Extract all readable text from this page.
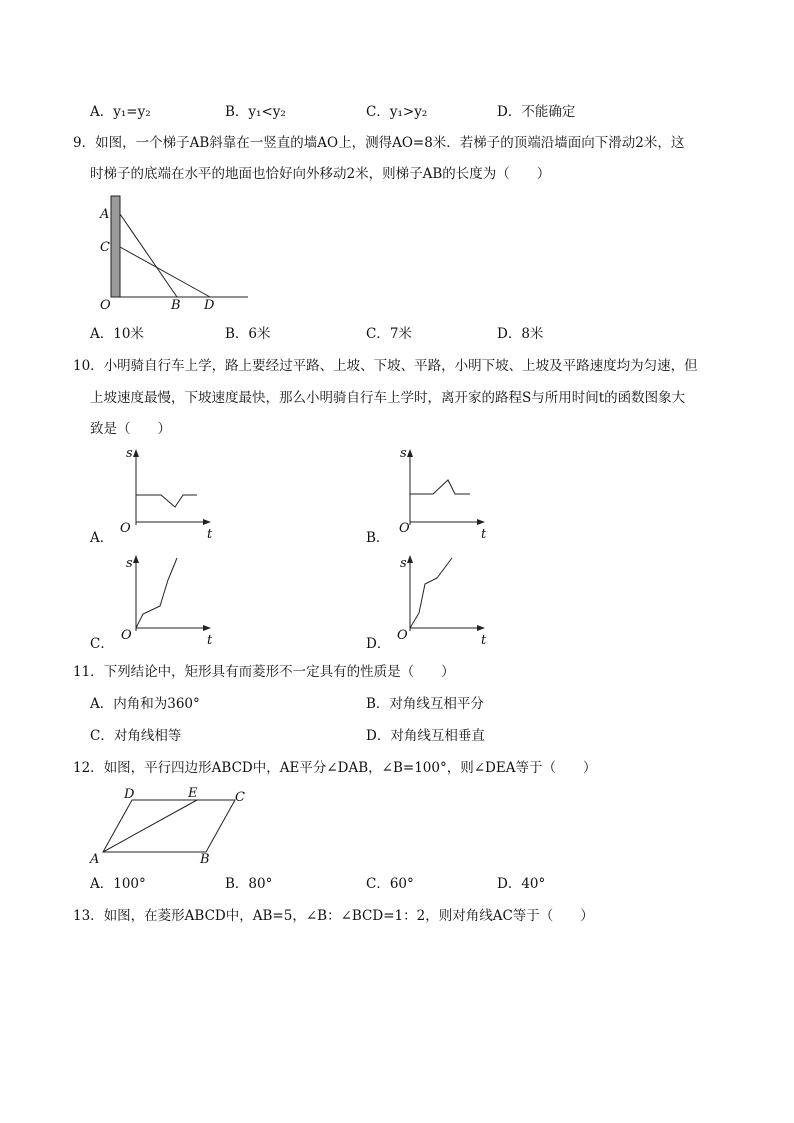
A．y₁=y₂	B．y₁<y₂	C．y₁>y₂	D．不能确定
9．如图，一个梯子AB斜靠在一竖直的墙AO上，测得AO=8米．若梯子的顶端沿墙面向下滑动2米，这
时梯子的底端在水平的地面也恰好向外移动2米，则梯子AB的长度为（　　）
A
C
O	B D
A．10米	B．6米	C．7米	D．8米
10．小明骑自行车上学，路上要经过平路、上坡、下坡、平路，小明下坡、上坡及平路速度均为匀速，但
上坡速度最慢，下坡速度最快，那么小明骑自行车上学时，离开家的路程S与所用时间t的函数图象大
致是（　　）
A．
s
O	t	B．
s
O	t
C．
s
O	t	D．
s
O	t
11．下列结论中，矩形具有而菱形不一定具有的性质是（　　）
A．内角和为360°	B．对角线互相平分
C．对角线相等	D．对角线互相垂直
12．如图，平行四边形ABCD中，AE平分∠DAB，∠B=100°，则∠DEA等于（　　）
D	E	C
A	B
A．100°	B．80°	C．60°	D．40°
13．如图，在菱形ABCD中，AB=5，∠B：∠BCD=1：2，则对角线AC等于（　　）
